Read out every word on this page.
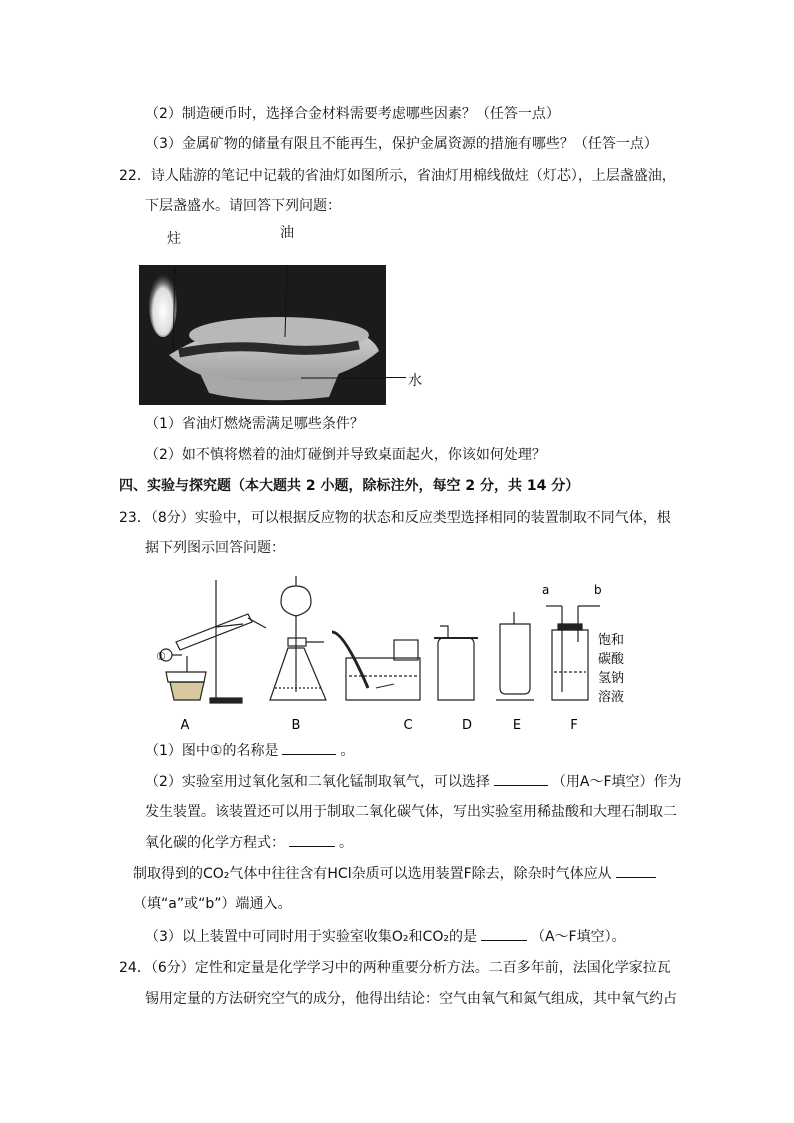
（2）制造硬币时，选择合金材料需要考虑哪些因素？（任答一点）
（3）金属矿物的储量有限且不能再生，保护金属资源的措施有哪些？（任答一点）
22．诗人陆游的笔记中记载的省油灯如图所示，省油灯用棉线做炷（灯芯），上层盏盛油，
下层盏盛水。请回答下列问题：
炷	油
水
（1）省油灯燃烧需满足哪些条件？
（2）如不慎将燃着的油灯碰倒并导致桌面起火，你该如何处理？
四、实验与探究题（本大题共 2 小题，除标注外，每空 2 分，共 14 分）
23．（8分）实验中，可以根据反应物的状态和反应类型选择相同的装置制取不同气体，根
据下列图示回答问题：
A	B	C	D	E	F
a	b
饱和
碳酸
氢钠
溶液
①
（1）图中①的名称是	。
（2）实验室用过氧化氢和二氧化锰制取氧气，可以选择	（用A～F填空）作为
发生装置。该装置还可以用于制取二氧化碳气体，写出实验室用稀盐酸和大理石制取二
氧化碳的化学方程式：	。
制取得到的CO₂气体中往往含有HCl杂质可以选用装置F除去，除杂时气体应从
（填“a”或“b”）端通入。
（3）以上装置中可同时用于实验室收集O₂和CO₂的是	（A～F填空）。
24．（6分）定性和定量是化学学习中的两种重要分析方法。二百多年前，法国化学家拉瓦
锡用定量的方法研究空气的成分，他得出结论：空气由氧气和氮气组成，其中氧气约占
